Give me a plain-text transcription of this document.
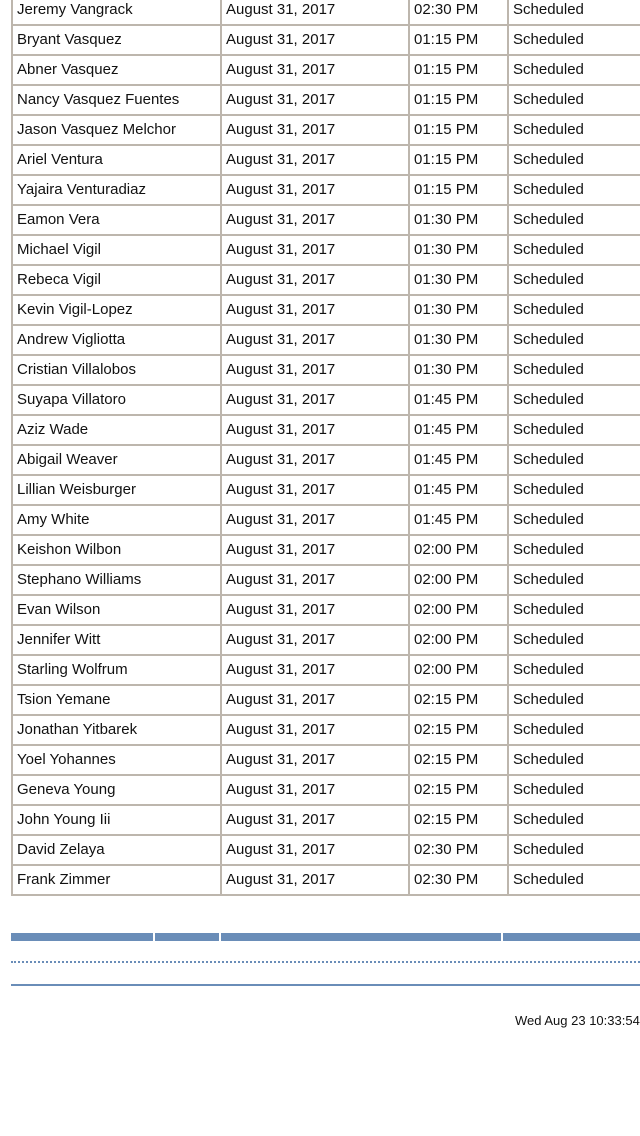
Jeremy Vangrack	August 31, 2017	02:30 PM	Scheduled
Bryant Vasquez	August 31, 2017	01:15 PM	Scheduled
Abner Vasquez	August 31, 2017	01:15 PM	Scheduled
Nancy Vasquez Fuentes	August 31, 2017	01:15 PM	Scheduled
Jason Vasquez Melchor	August 31, 2017	01:15 PM	Scheduled
Ariel Ventura	August 31, 2017	01:15 PM	Scheduled
Yajaira Venturadiaz	August 31, 2017	01:15 PM	Scheduled
Eamon Vera	August 31, 2017	01:30 PM	Scheduled
Michael Vigil	August 31, 2017	01:30 PM	Scheduled
Rebeca Vigil	August 31, 2017	01:30 PM	Scheduled
Kevin Vigil-Lopez	August 31, 2017	01:30 PM	Scheduled
Andrew Vigliotta	August 31, 2017	01:30 PM	Scheduled
Cristian Villalobos	August 31, 2017	01:30 PM	Scheduled
Suyapa Villatoro	August 31, 2017	01:45 PM	Scheduled
Aziz Wade	August 31, 2017	01:45 PM	Scheduled
Abigail Weaver	August 31, 2017	01:45 PM	Scheduled
Lillian Weisburger	August 31, 2017	01:45 PM	Scheduled
Amy White	August 31, 2017	01:45 PM	Scheduled
Keishon Wilbon	August 31, 2017	02:00 PM	Scheduled
Stephano Williams	August 31, 2017	02:00 PM	Scheduled
Evan Wilson	August 31, 2017	02:00 PM	Scheduled
Jennifer Witt	August 31, 2017	02:00 PM	Scheduled
Starling Wolfrum	August 31, 2017	02:00 PM	Scheduled
Tsion Yemane	August 31, 2017	02:15 PM	Scheduled
Jonathan Yitbarek	August 31, 2017	02:15 PM	Scheduled
Yoel Yohannes	August 31, 2017	02:15 PM	Scheduled
Geneva Young	August 31, 2017	02:15 PM	Scheduled
John Young Iii	August 31, 2017	02:15 PM	Scheduled
David Zelaya	August 31, 2017	02:30 PM	Scheduled
Frank Zimmer	August 31, 2017	02:30 PM	Scheduled
Wed Aug 23 10:33:54
